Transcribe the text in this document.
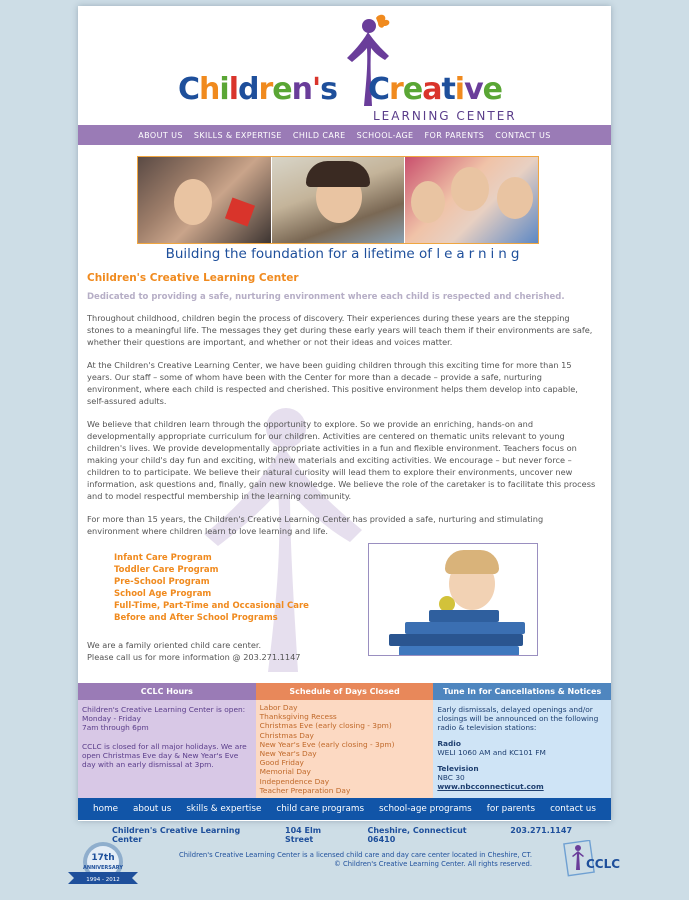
Children's Creative
LEARNING CENTER
ABOUT US SKILLS & EXPERTISE CHILD CARE SCHOOL-AGE FOR PARENTS CONTACT US
Building the foundation for a lifetime of learning
Children's Creative Learning Center
Dedicated to providing a safe, nurturing environment where each child is respected and cherished.

Throughout childhood, children begin the process of discovery. Their experiences during these years are the stepping stones to a meaningful life. The messages they get during these early years will teach them if their environments are safe, whether their questions are important, and whether or not their ideas and voices matter.

At the Children's Creative Learning Center, we have been guiding children through this exciting time for more than 15 years. Our staff – some of whom have been with the Center for more than a decade – provide a safe, nurturing environment, where each child is respected and cherished. This positive environment helps them develop into capable, self-assured adults.

We believe that children learn through the opportunity to explore. So we provide an enriching, hands-on and developmentally appropriate curriculum for our children. Activities are centered on thematic units relevant to young children's lives. We provide developmentally appropriate activities in a fun and flexible environment. Teachers focus on making your child's day fun and exciting, with new materials and exciting activities. We encourage – but never force – children to to participate. We believe their natural curiosity will lead them to explore their environments, uncover new information, ask questions and, finally, gain new knowledge. We believe the role of the caretaker is to facilitate this process and to model respectful membership in the learning community.

For more than 15 years, the Children's Creative Learning Center has provided a safe, nurturing and stimulating environment where children learn to love learning and life.

Infant Care Program
Toddler Care Program
Pre-School Program
School Age Program
Full-Time, Part-Time and Occasional Care
Before and After School Programs
We are a family oriented child care center.
Please call us for more information @ 203.271.1147
CCLC Hours
Children's Creative Learning Center is open:
Monday - Friday
7am through 6pm
CCLC is closed for all major holidays. We are open Christmas Eve day & New Year's Eve day with an early dismissal at 3pm.
Schedule of Days Closed
Labor Day
Thanksgiving Recess
Christmas Eve (early closing - 3pm)
Christmas Day
New Year's Eve (early closing - 3pm)
New Year's Day
Good Friday
Memorial Day
Independence Day
Teacher Preparation Day
Tune In for Cancellations & Notices
Early dismissals, delayed openings and/or closings will be announced on the following radio & television stations:
Radio
WELI 1060 AM and KC101 FM
Television
NBC 30
www.nbcconnecticut.com
home about us skills & expertise child care programs school-age programs for parents contact us
Children's Creative Learning Center
104 Elm Street
Cheshire, Connecticut 06410
203.271.1147
Children's Creative Learning Center is a licensed child care and day care center located in Cheshire, CT.
© Children's Creative Learning Center. All rights reserved.
17th
ANNIVERSARY
1994 - 2012
CCLC
